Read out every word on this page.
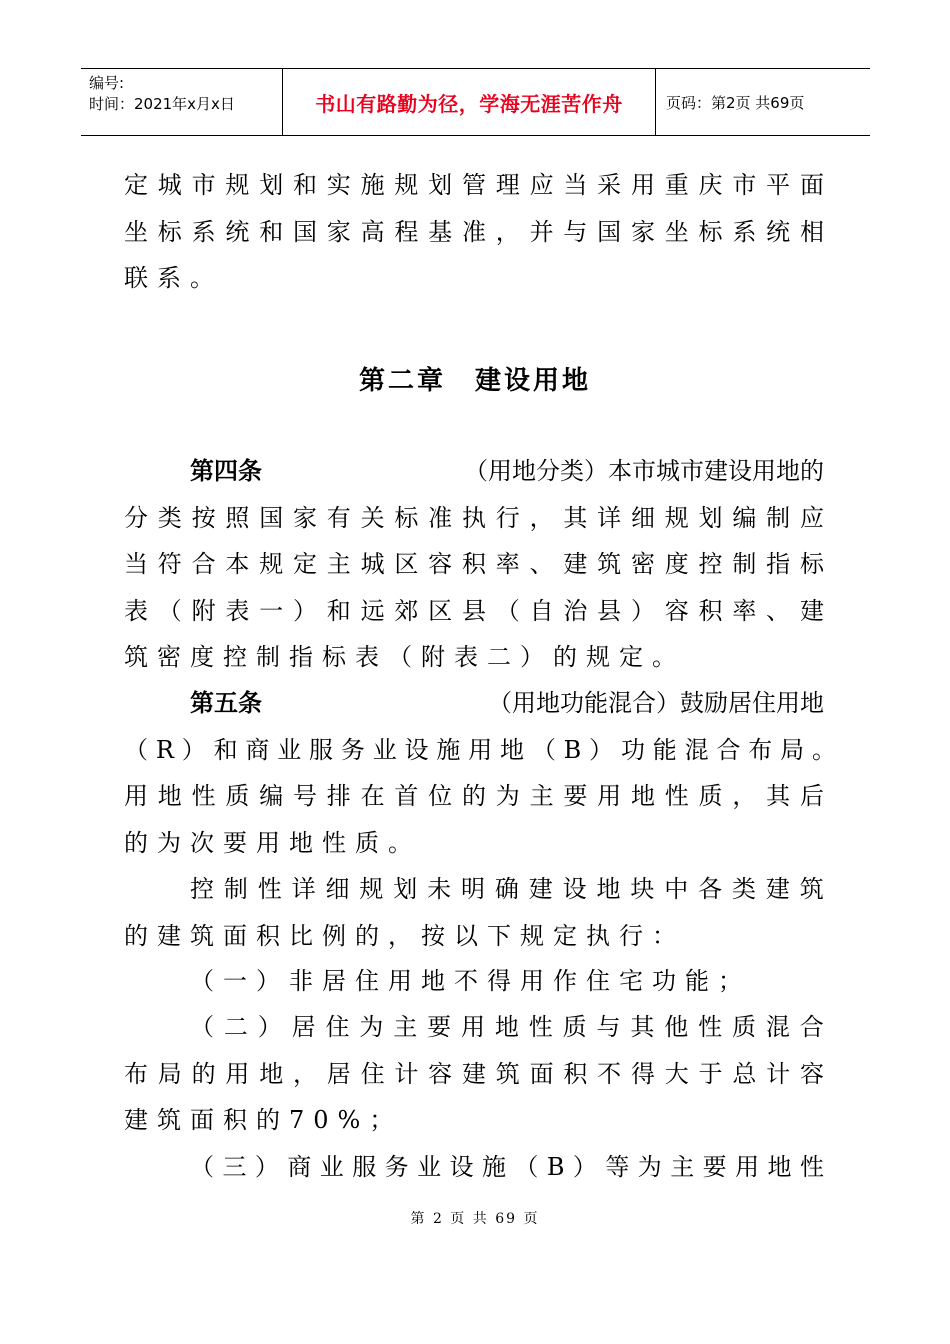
编号:
时间：2021年x月x日	书山有路勤为径，学海无涯苦作舟	页码：第2页 共69页
定 城 市 规 划 和 实 施 规 划 管 理 应 当 采 用 重 庆 市 平 面
坐 标 系 统 和 国 家 高 程 基 准 ， 并 与 国 家 坐 标 系 统 相
联系。
第二章　建设用地
第四条	（用地分类）本市城市建设用地的
分 类 按 照 国 家 有 关 标 准 执 行 ， 其 详 细 规 划 编 制 应
当 符 合 本 规 定 主 城 区 容 积 率 、 建 筑 密 度 控 制 指 标
表 （ 附 表 一 ） 和 远 郊 区 县 （ 自 治 县 ） 容 积 率 、 建
筑密度控制指标表（附表二）的规定。
第五条	（用地功能混合）鼓励居住用地
（ R ） 和 商 业 服 务 业 设 施 用 地 （ B ） 功 能 混 合 布 局 。
用 地 性 质 编 号 排 在 首 位 的 为 主 要 用 地 性 质 ， 其 后
的为次要用地性质。
控 制 性 详 细 规 划 未 明 确 建 设 地 块 中 各 类 建 筑
的建筑面积比例的，按以下规定执行：
（一）非居住用地不得用作住宅功能；
（ 二 ） 居 住 为 主 要 用 地 性 质 与 其 他 性 质 混 合
布 局 的 用 地 ， 居 住 计 容 建 筑 面 积 不 得 大 于 总 计 容
建筑面积的70%；
（ 三 ） 商 业 服 务 业 设 施 （ B ） 等 为 主 要 用 地 性
第 2 页 共 69 页
